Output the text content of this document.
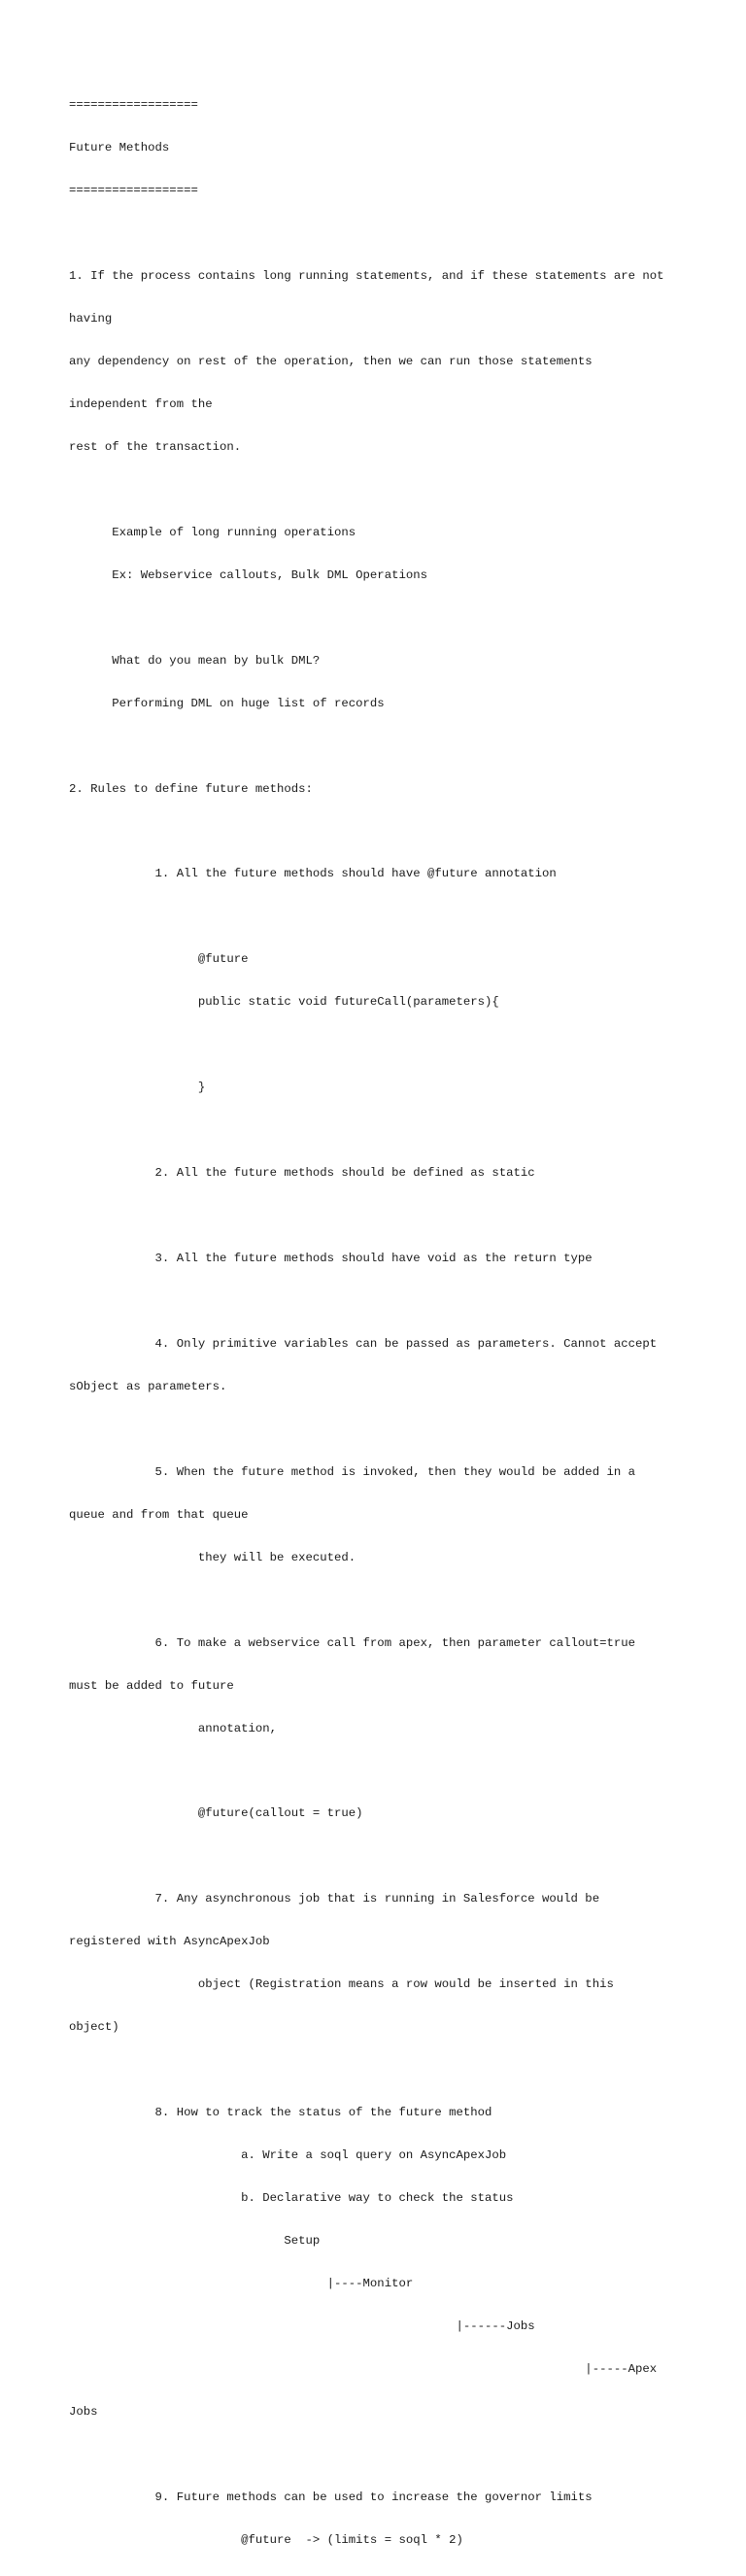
==================

Future Methods

==================

1. If the process contains long running statements, and if these statements are not

having

any dependency on rest of the operation, then we can run those statements

independent from the

rest of the transaction.

Example of long running operations

Ex: Webservice callouts, Bulk DML Operations

What do you mean by bulk DML?

Performing DML on huge list of records

2. Rules to define future methods:

1. All the future methods should have @future annotation

@future

public static void futureCall(parameters){

}

2. All the future methods should be defined as static

3. All the future methods should have void as the return type

4. Only primitive variables can be passed as parameters. Cannot accept

sObject as parameters.

5. When the future method is invoked, then they would be added in a

queue and from that queue

they will be executed.

6. To make a webservice call from apex, then parameter callout=true

must be added to future

annotation,

@future(callout = true)

7. Any asynchronous job that is running in Salesforce would be

registered with AsyncApexJob

object (Registration means a row would be inserted in this

object)

8. How to track the status of the future method

a. Write a soql query on AsyncApexJob

b. Declarative way to check the status

Setup

|----Monitor

|------Jobs

|-----Apex

Jobs

9. Future methods can be used to increase the governor limits

@future  -> (limits = soql * 2)
